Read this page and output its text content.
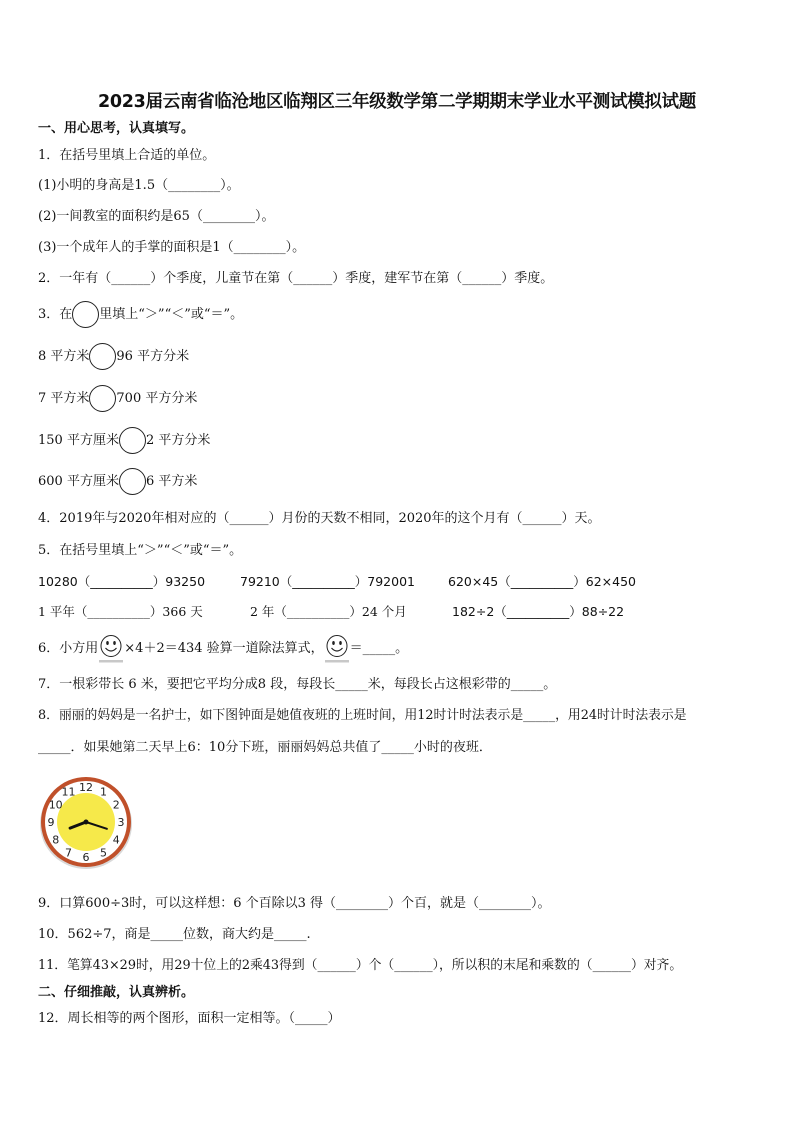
2023届云南省临沧地区临翔区三年级数学第二学期期末学业水平测试模拟试题
一、用心思考，认真填写。
1．在括号里填上合适的单位。
(1)小明的身高是1.5（________）。
(2)一间教室的面积约是65（________）。
(3)一个成年人的手掌的面积是1（________）。
2．一年有（______）个季度，儿童节在第（______）季度，建军节在第（______）季度。
3．在 里填上“＞”“＜”或“＝”。
8 平方米 96 平方分米
7 平方米 700 平方分米
150 平方厘米 2 平方分米
600 平方厘米 6 平方米
4．2019年与2020年相对应的（______）月份的天数不相同，2020年的这个月有（______）天。
5．在括号里填上“＞”“＜”或“＝”。
10280（__________）93250	79210（__________）792001	620×45（__________）62×450
1 平年（__________）366 天	2 年（__________）24 个月	182÷2（__________）88÷22
6．小方用 ×4＋2＝434 验算一道除法算式， ＝_____。
7．一根彩带长 6 米，要把它平均分成8 段，每段长_____米，每段长占这根彩带的_____。
8．丽丽的妈妈是一名护士，如下图钟面是她值夜班的上班时间，用12时计时法表示是_____，用24时计时法表示是
_____．如果她第二天早上6：10分下班，丽丽妈妈总共值了_____小时的夜班．
12 1
2
3
4
5
6
7
8
9
10
11
9．口算600÷3时，可以这样想：6 个百除以3 得（________）个百，就是（________）。
10．562÷7，商是_____位数，商大约是_____.
11．笔算43×29时，用29十位上的2乘43得到（______）个（______），所以积的末尾和乘数的（______）对齐。
二、仔细推敲，认真辨析。
12．周长相等的两个图形，面积一定相等。（_____）
